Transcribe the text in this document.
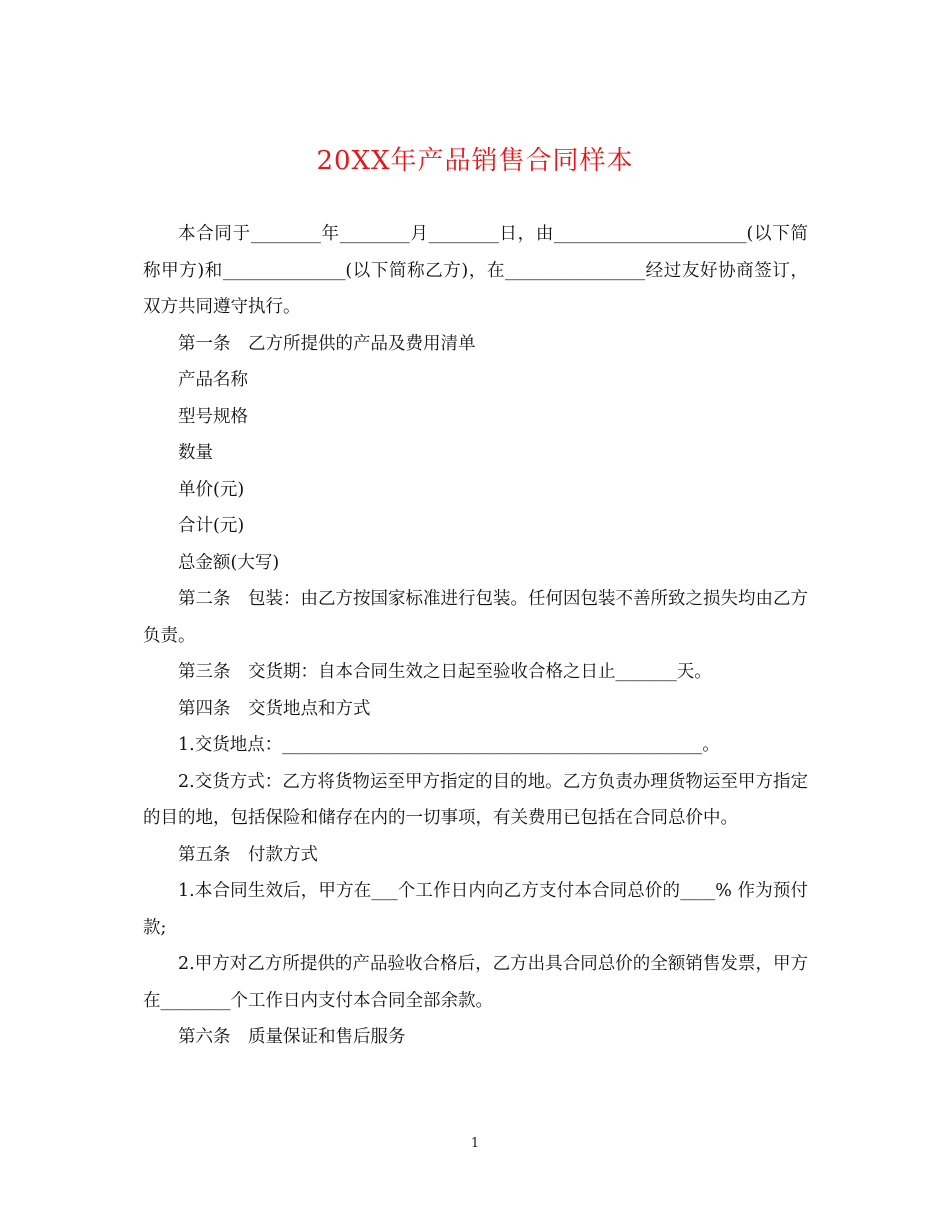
20XX年产品销售合同样本

本合同于________年________月________日，由______________________(以下简称甲方)和______________(以下简称乙方)，在________________经过友好协商签订，双方共同遵守执行。

第一条　乙方所提供的产品及费用清单

产品名称

型号规格

数量

单价(元)

合计(元)

总金额(大写)

第二条　包装：由乙方按国家标准进行包装。任何因包装不善所致之损失均由乙方负责。

第三条　交货期：自本合同生效之日起至验收合格之日止_______天。

第四条　交货地点和方式

1.交货地点：________________________________________________。

2.交货方式：乙方将货物运至甲方指定的目的地。乙方负责办理货物运至甲方指定的目的地，包括保险和储存在内的一切事项，有关费用已包括在合同总价中。

第五条　付款方式

1.本合同生效后，甲方在___个工作日内向乙方支付本合同总价的____% 作为预付款;

2.甲方对乙方所提供的产品验收合格后，乙方出具合同总价的全额销售发票，甲方在________个工作日内支付本合同全部余款。

第六条　质量保证和售后服务

1
